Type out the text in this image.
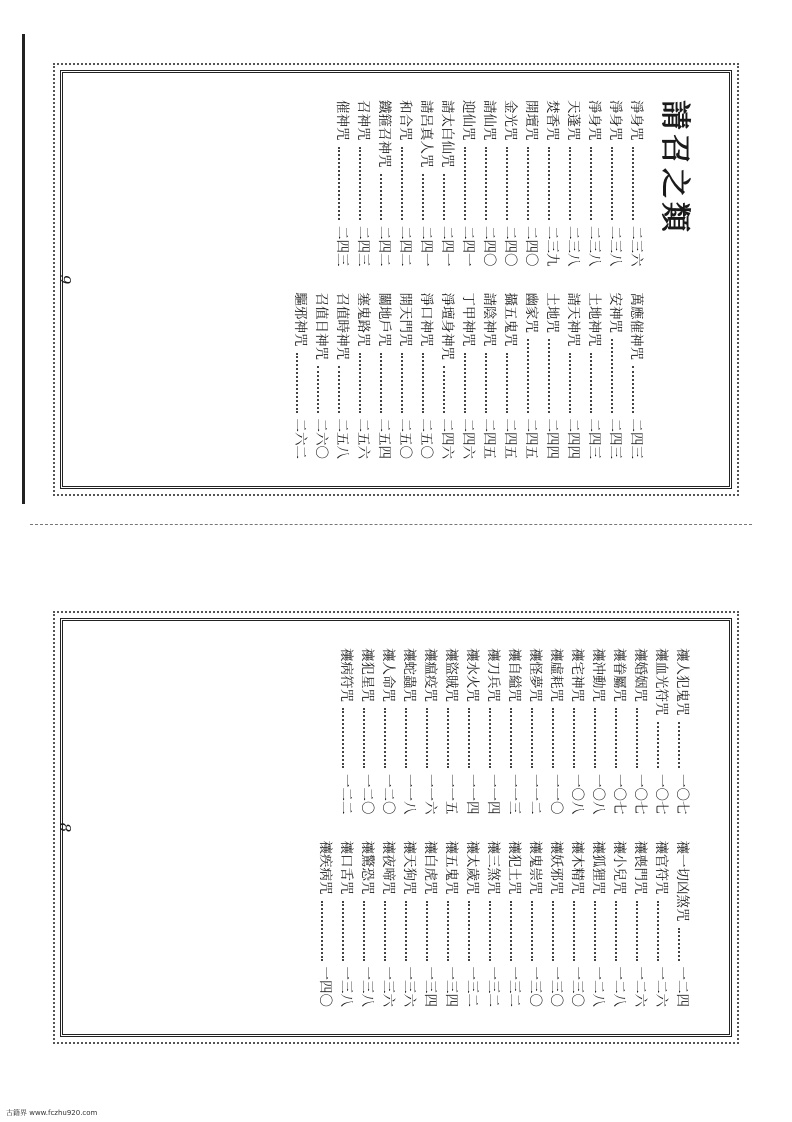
請召之類
淨身咒
二三六
淨身咒
二三八
淨身咒
二三八
天蓬咒
二三八
焚香咒
二三九
開壇咒
二四〇
金光咒
二四〇
請仙咒
二四〇
迎仙咒
二四一
請太白仙咒
二四一
請呂真人咒
二四一
和合咒
二四二
鐵箍召神咒
二四二
召神咒
二四三
催神咒
二四三
萬應催神咒
二四三
安神咒
二四三
土地神咒
二四三
請天神咒
二四四
土地咒
二四四
幽家咒
二四五
攝五鬼咒
二四五
請陰神咒
二四五
丁甲神咒
二四六
淨壇身神咒
二四六
淨口神咒
二五〇
開天門咒
二五〇
關地戶咒
二五四
塞鬼路咒
二五六
召值時神咒
二五八
召值日神咒
二六〇
驅邪神咒
二六二
9
禳人犯鬼咒
一〇七
禳血光符咒
一〇七
禳婚姻咒
一〇七
禳眷屬咒
一〇七
禳沖動咒
一〇八
禳宅神咒
一〇八
禳虛耗咒
一一〇
禳怪夢咒
一一二
禳自縊咒
一一三
禳刀兵咒
一一四
禳水火咒
一一四
禳盜賊咒
一一五
禳瘟疫咒
一一六
禳蛇蟲咒
一一八
禳人命咒
一二〇
禳犯星咒
一二〇
禳病符咒
一二二
禳一切凶煞咒
一二四
禳官符咒
一二六
禳喪門咒
一二六
禳小兒咒
一二八
禳狐狸咒
一二八
禳木精咒
一三〇
禳妖邪咒
一三〇
禳鬼崇咒
一三〇
禳犯土咒
一三二
禳三煞咒
一三二
禳太歲咒
一三二
禳五鬼咒
一三四
禳白虎咒
一三四
禳天狗咒
一三六
禳夜啼咒
一三六
禳驚恐咒
一三八
禳口舌咒
一三八
禳疾病咒
一四〇
8
古籍界 www.fczhu920.com
